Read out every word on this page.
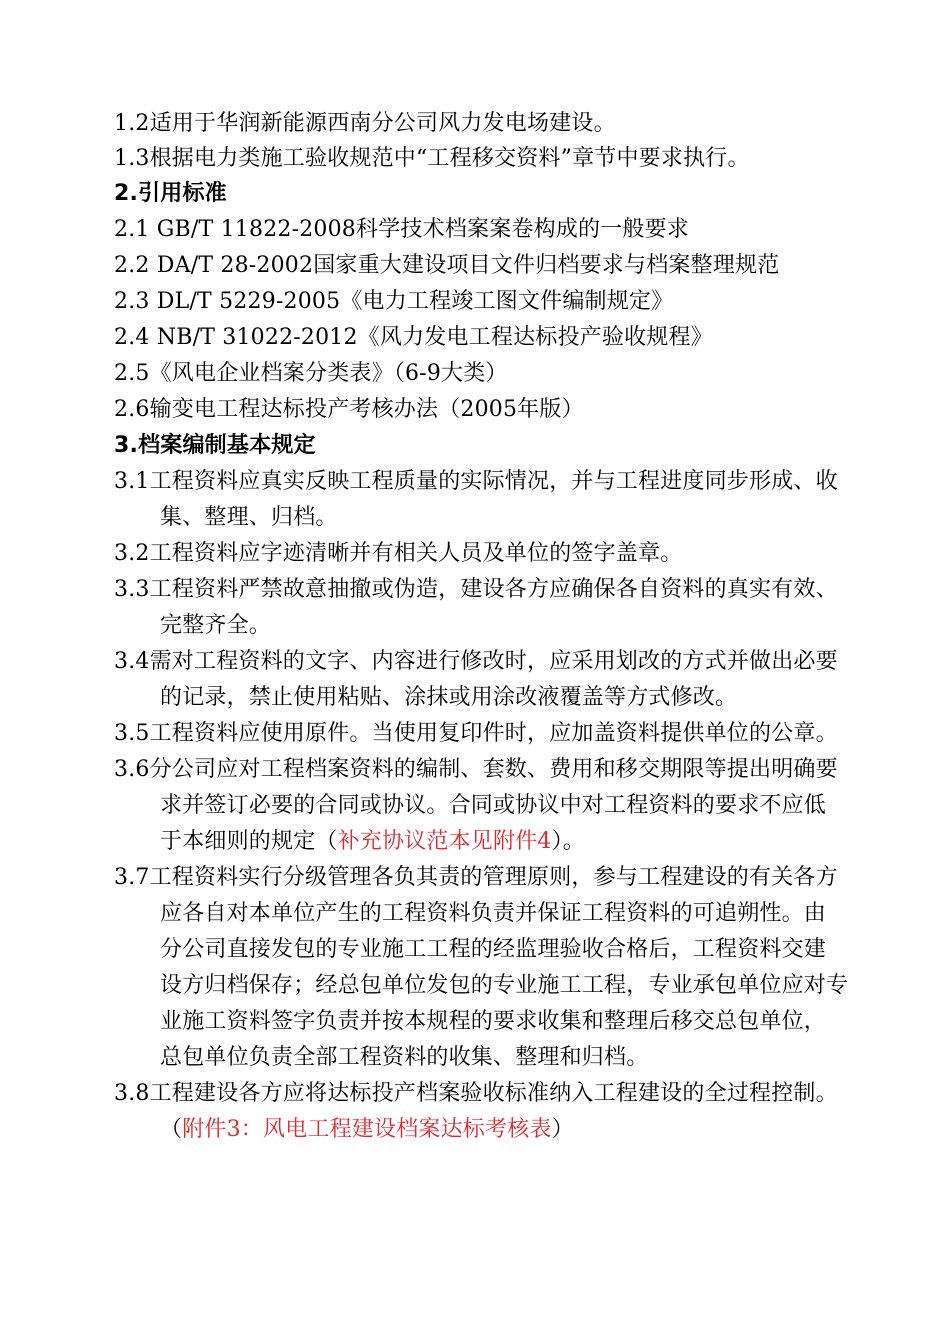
1.2适用于华润新能源西南分公司风力发电场建设。
1.3根据电力类施工验收规范中“工程移交资料”章节中要求执行。
2.引用标准
2.1 GB/T 11822-2008科学技术档案案卷构成的一般要求
2.2 DA/T 28-2002国家重大建设项目文件归档要求与档案整理规范
2.3 DL/T 5229-2005《电力工程竣工图文件编制规定》
2.4 NB/T 31022-2012《风力发电工程达标投产验收规程》
2.5《风电企业档案分类表》（6-9大类）
2.6输变电工程达标投产考核办法（2005年版）
3.档案编制基本规定
3.1工程资料应真实反映工程质量的实际情况，并与工程进度同步形成、收
集、整理、归档。
3.2工程资料应字迹清晰并有相关人员及单位的签字盖章。
3.3工程资料严禁故意抽撤或伪造，建设各方应确保各自资料的真实有效、
完整齐全。
3.4需对工程资料的文字、内容进行修改时，应采用划改的方式并做出必要
的记录，禁止使用粘贴、涂抹或用涂改液覆盖等方式修改。
3.5工程资料应使用原件。当使用复印件时，应加盖资料提供单位的公章。
3.6分公司应对工程档案资料的编制、套数、费用和移交期限等提出明确要
求并签订必要的合同或协议。合同或协议中对工程资料的要求不应低
于本细则的规定（补充协议范本见附件4）。
3.7工程资料实行分级管理各负其责的管理原则，参与工程建设的有关各方
应各自对本单位产生的工程资料负责并保证工程资料的可追朔性。由
分公司直接发包的专业施工工程的经监理验收合格后，工程资料交建
设方归档保存；经总包单位发包的专业施工工程，专业承包单位应对专
业施工资料签字负责并按本规程的要求收集和整理后移交总包单位，
总包单位负责全部工程资料的收集、整理和归档。
3.8工程建设各方应将达标投产档案验收标准纳入工程建设的全过程控制。
（附件3：风电工程建设档案达标考核表）
